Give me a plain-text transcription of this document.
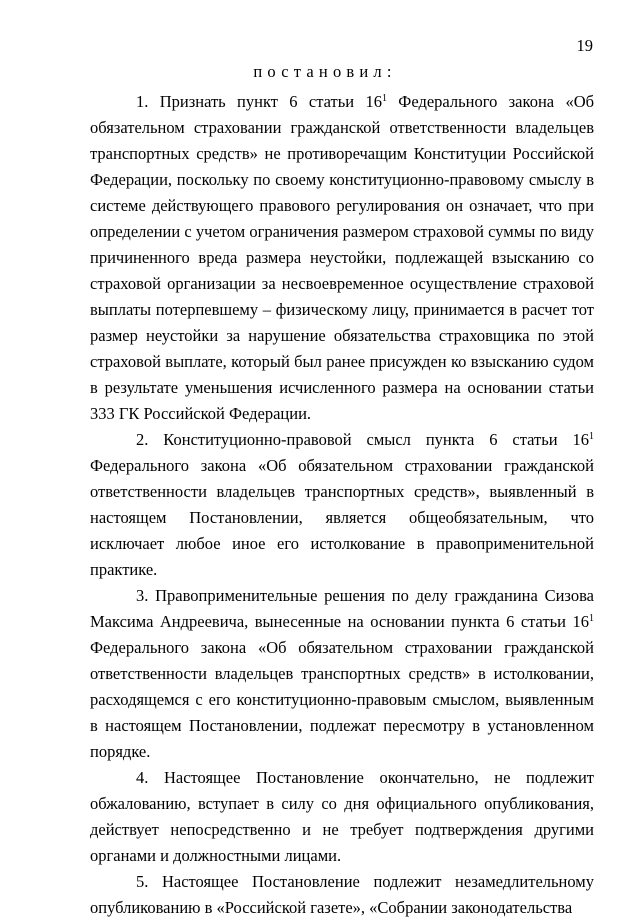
19
постановил:

1. Признать пункт 6 статьи $16^1$ Федерального закона «Об обязательном страховании гражданской ответственности владельцев транспортных средств» не противоречащим Конституции Российской Федерации, поскольку по своему конституционно-правовому смыслу в системе действующего правового регулирования он означает, что при определении с учетом ограничения размером страховой суммы по виду причиненного вреда размера неустойки, подлежащей взысканию со страховой организации за несвоевременное осуществление страховой выплаты потерпевшему – физическому лицу, принимается в расчет тот размер неустойки за нарушение обязательства страховщика по этой страховой выплате, который был ранее присужден ко взысканию судом в результате уменьшения исчисленного размера на основании статьи 333 ГК Российской Федерации.

2. Конституционно-правовой смысл пункта 6 статьи $16^1$ Федерального закона «Об обязательном страховании гражданской ответственности владельцев транспортных средств», выявленный в настоящем Постановлении, является общеобязательным, что исключает любое иное его истолкование в правоприменительной практике.

3. Правоприменительные решения по делу гражданина Сизова Максима Андреевича, вынесенные на основании пункта 6 статьи $16^1$ Федерального закона «Об обязательном страховании гражданской ответственности владельцев транспортных средств» в истолковании, расходящемся с его конституционно-правовым смыслом, выявленным в настоящем Постановлении, подлежат пересмотру в установленном порядке.

4. Настоящее Постановление окончательно, не подлежит обжалованию, вступает в силу со дня официального опубликования, действует непосредственно и не требует подтверждения другими органами и должностными лицами.

5. Настоящее Постановление подлежит незамедлительному опубликованию в «Российской газете», «Собрании законодательства
